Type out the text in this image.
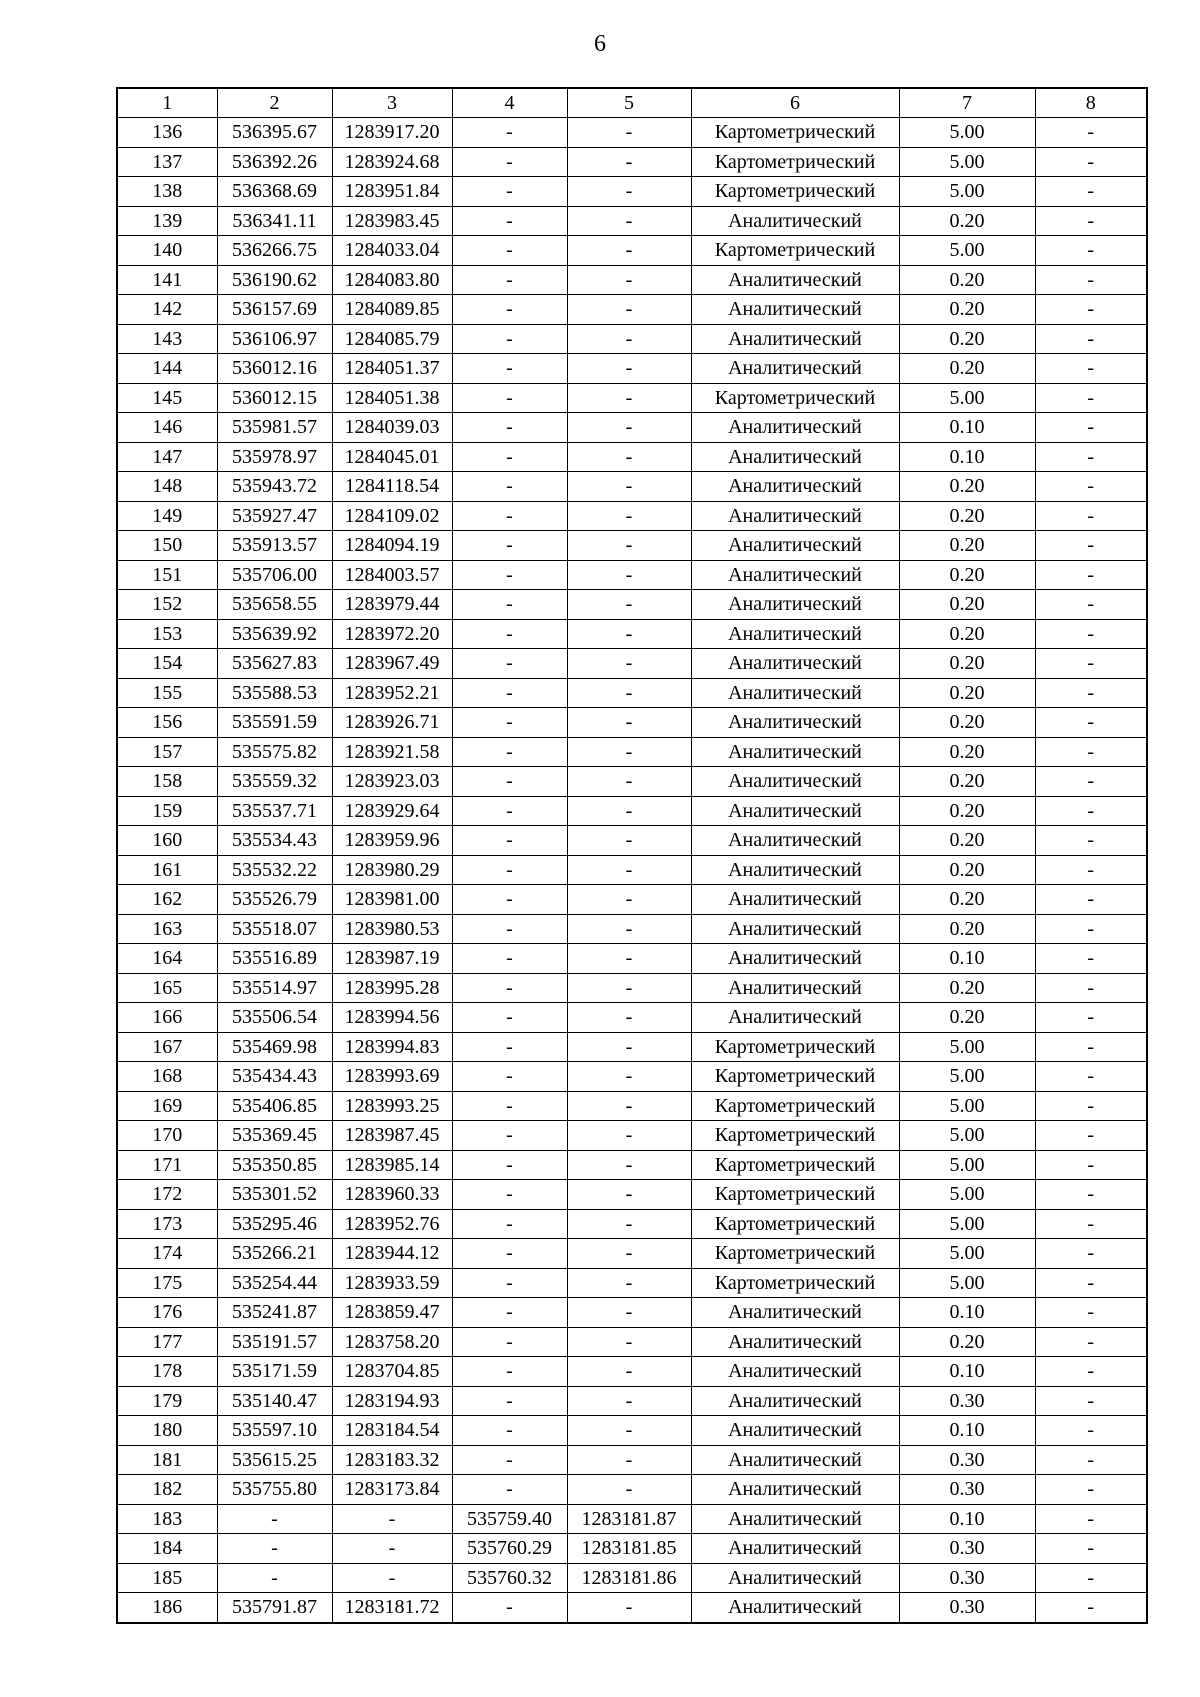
6
1	2	3	4	5	6	7	8
136	536395.67	1283917.20	-	-	Картометрический	5.00	-
137	536392.26	1283924.68	-	-	Картометрический	5.00	-
138	536368.69	1283951.84	-	-	Картометрический	5.00	-
139	536341.11	1283983.45	-	-	Аналитический	0.20	-
140	536266.75	1284033.04	-	-	Картометрический	5.00	-
141	536190.62	1284083.80	-	-	Аналитический	0.20	-
142	536157.69	1284089.85	-	-	Аналитический	0.20	-
143	536106.97	1284085.79	-	-	Аналитический	0.20	-
144	536012.16	1284051.37	-	-	Аналитический	0.20	-
145	536012.15	1284051.38	-	-	Картометрический	5.00	-
146	535981.57	1284039.03	-	-	Аналитический	0.10	-
147	535978.97	1284045.01	-	-	Аналитический	0.10	-
148	535943.72	1284118.54	-	-	Аналитический	0.20	-
149	535927.47	1284109.02	-	-	Аналитический	0.20	-
150	535913.57	1284094.19	-	-	Аналитический	0.20	-
151	535706.00	1284003.57	-	-	Аналитический	0.20	-
152	535658.55	1283979.44	-	-	Аналитический	0.20	-
153	535639.92	1283972.20	-	-	Аналитический	0.20	-
154	535627.83	1283967.49	-	-	Аналитический	0.20	-
155	535588.53	1283952.21	-	-	Аналитический	0.20	-
156	535591.59	1283926.71	-	-	Аналитический	0.20	-
157	535575.82	1283921.58	-	-	Аналитический	0.20	-
158	535559.32	1283923.03	-	-	Аналитический	0.20	-
159	535537.71	1283929.64	-	-	Аналитический	0.20	-
160	535534.43	1283959.96	-	-	Аналитический	0.20	-
161	535532.22	1283980.29	-	-	Аналитический	0.20	-
162	535526.79	1283981.00	-	-	Аналитический	0.20	-
163	535518.07	1283980.53	-	-	Аналитический	0.20	-
164	535516.89	1283987.19	-	-	Аналитический	0.10	-
165	535514.97	1283995.28	-	-	Аналитический	0.20	-
166	535506.54	1283994.56	-	-	Аналитический	0.20	-
167	535469.98	1283994.83	-	-	Картометрический	5.00	-
168	535434.43	1283993.69	-	-	Картометрический	5.00	-
169	535406.85	1283993.25	-	-	Картометрический	5.00	-
170	535369.45	1283987.45	-	-	Картометрический	5.00	-
171	535350.85	1283985.14	-	-	Картометрический	5.00	-
172	535301.52	1283960.33	-	-	Картометрический	5.00	-
173	535295.46	1283952.76	-	-	Картометрический	5.00	-
174	535266.21	1283944.12	-	-	Картометрический	5.00	-
175	535254.44	1283933.59	-	-	Картометрический	5.00	-
176	535241.87	1283859.47	-	-	Аналитический	0.10	-
177	535191.57	1283758.20	-	-	Аналитический	0.20	-
178	535171.59	1283704.85	-	-	Аналитический	0.10	-
179	535140.47	1283194.93	-	-	Аналитический	0.30	-
180	535597.10	1283184.54	-	-	Аналитический	0.10	-
181	535615.25	1283183.32	-	-	Аналитический	0.30	-
182	535755.80	1283173.84	-	-	Аналитический	0.30	-
183	-	-	535759.40	1283181.87	Аналитический	0.10	-
184	-	-	535760.29	1283181.85	Аналитический	0.30	-
185	-	-	535760.32	1283181.86	Аналитический	0.30	-
186	535791.87	1283181.72	-	-	Аналитический	0.30	-
